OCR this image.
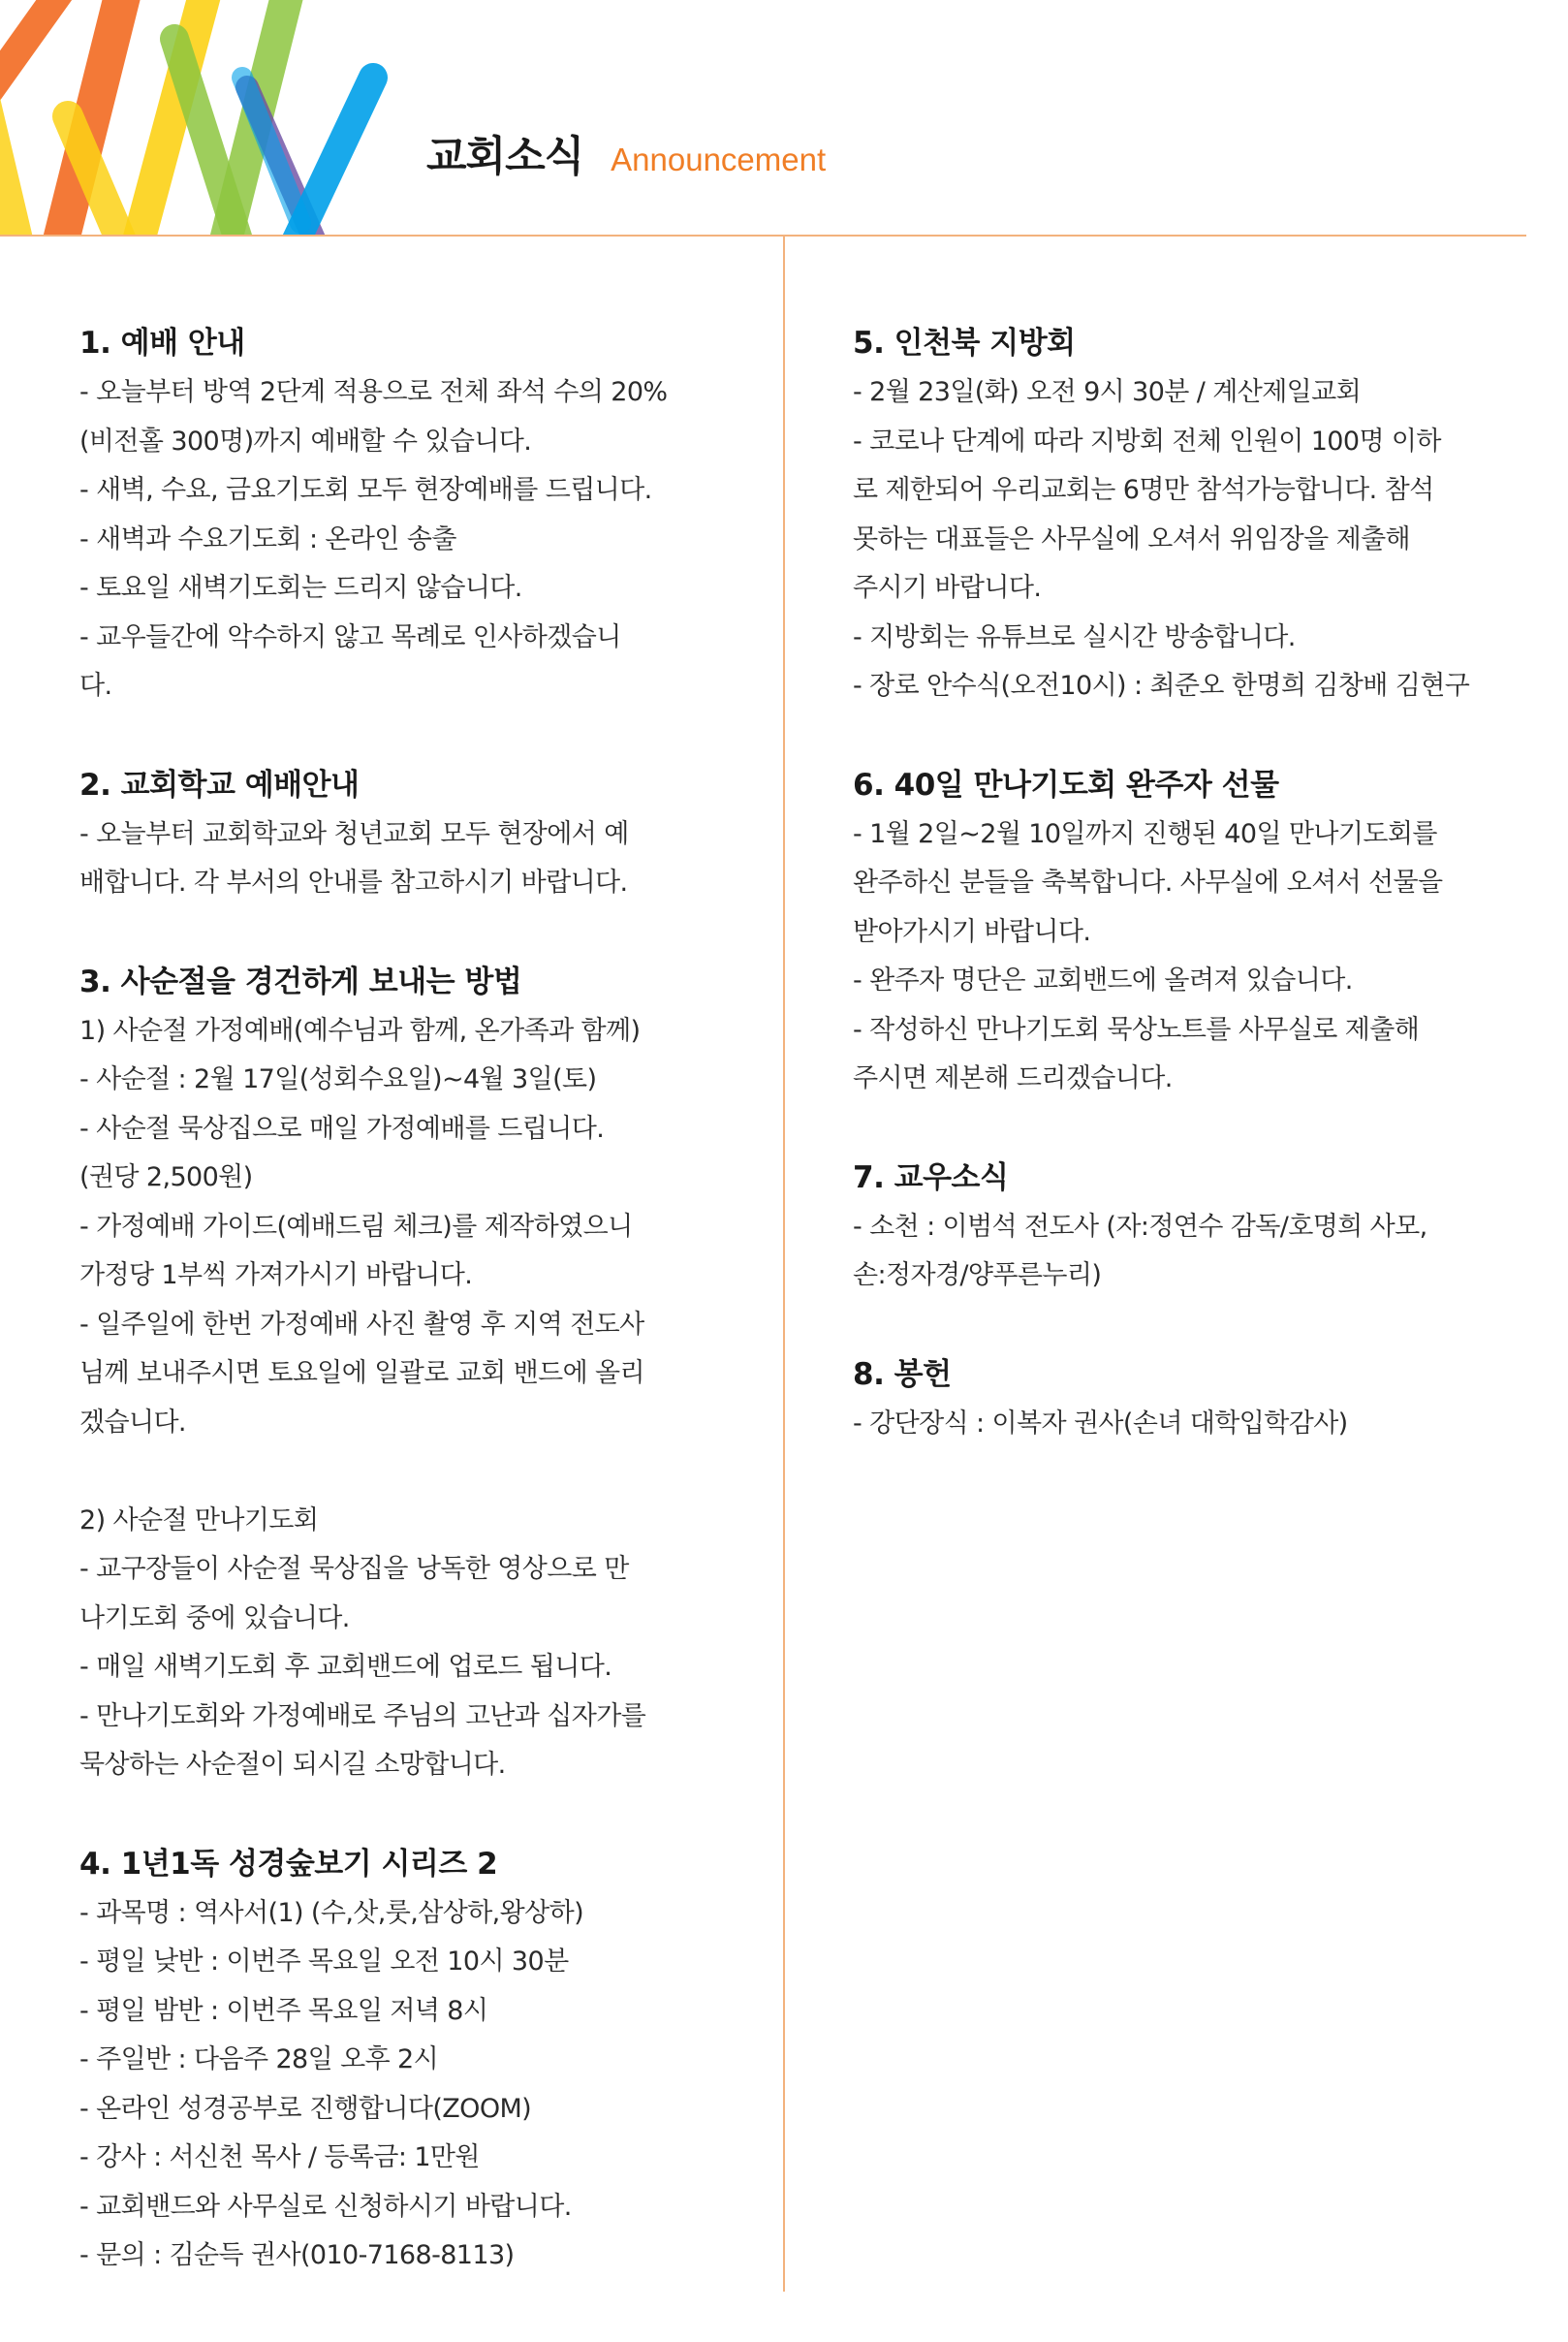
교회소식 Announcement
1. 예배 안내
- 오늘부터 방역 2단계 적용으로 전체 좌석 수의 20%
(비전홀 300명)까지 예배할 수 있습니다.
- 새벽, 수요, 금요기도회 모두 현장예배를 드립니다.
- 새벽과 수요기도회 : 온라인 송출
- 토요일 새벽기도회는 드리지 않습니다.
- 교우들간에 악수하지 않고 목례로 인사하겠습니
다.
2. 교회학교 예배안내
- 오늘부터 교회학교와 청년교회 모두 현장에서 예
배합니다. 각 부서의 안내를 참고하시기 바랍니다.
3. 사순절을 경건하게 보내는 방법
1) 사순절 가정예배(예수님과 함께, 온가족과 함께)
- 사순절 : 2월 17일(성회수요일)~4월 3일(토)
- 사순절 묵상집으로 매일 가정예배를 드립니다.
(권당 2,500원)
- 가정예배 가이드(예배드림 체크)를 제작하였으니
가정당 1부씩 가져가시기 바랍니다.
- 일주일에 한번 가정예배 사진 촬영 후 지역 전도사
님께 보내주시면 토요일에 일괄로 교회 밴드에 올리
겠습니다.
2) 사순절 만나기도회
- 교구장들이 사순절 묵상집을 낭독한 영상으로 만
나기도회 중에 있습니다.
- 매일 새벽기도회 후 교회밴드에 업로드 됩니다.
- 만나기도회와 가정예배로 주님의 고난과 십자가를
묵상하는 사순절이 되시길 소망합니다.
4. 1년1독 성경숲보기 시리즈 2
- 과목명 : 역사서(1) (수,삿,룻,삼상하,왕상하)
- 평일 낮반 : 이번주 목요일 오전 10시 30분
- 평일 밤반 : 이번주 목요일 저녁 8시
- 주일반 : 다음주 28일 오후 2시
- 온라인 성경공부로 진행합니다(ZOOM)
- 강사 : 서신천 목사 / 등록금: 1만원
- 교회밴드와 사무실로 신청하시기 바랍니다.
- 문의 : 김순득 권사(010-7168-8113)
5. 인천북 지방회
- 2월 23일(화) 오전 9시 30분 / 계산제일교회
- 코로나 단계에 따라 지방회 전체 인원이 100명 이하
로 제한되어 우리교회는 6명만 참석가능합니다. 참석
못하는 대표들은 사무실에 오셔서 위임장을 제출해
주시기 바랍니다.
- 지방회는 유튜브로 실시간 방송합니다.
- 장로 안수식(오전10시) : 최준오 한명희 김창배 김현구
6. 40일 만나기도회 완주자 선물
- 1월 2일~2월 10일까지 진행된 40일 만나기도회를
완주하신 분들을 축복합니다. 사무실에 오셔서 선물을
받아가시기 바랍니다.
- 완주자 명단은 교회밴드에 올려져 있습니다.
- 작성하신 만나기도회 묵상노트를 사무실로 제출해
주시면 제본해 드리겠습니다.
7. 교우소식
- 소천 : 이범석 전도사 (자:정연수 감독/호명희 사모,
손:정자경/양푸른누리)
8. 봉헌
- 강단장식 : 이복자 권사(손녀 대학입학감사)
